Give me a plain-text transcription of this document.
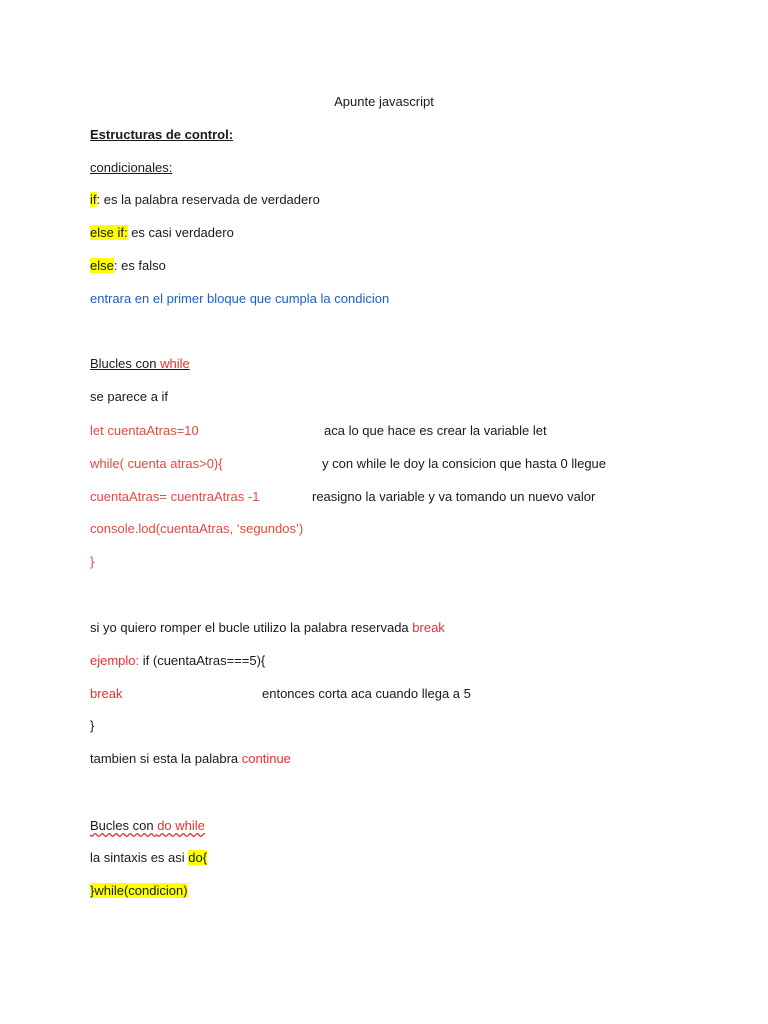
Apunte javascript
Estructuras de control:
condicionales:
if: es la palabra reservada de verdadero
else if: es casi verdadero
else: es falso
entrara en el primer bloque que cumpla la condicion
Blucles con while
se parece a if
let cuentaAtras=10	aca lo que hace es crear la variable let
while( cuenta atras>0){	y con while le doy la consicion que hasta 0 llegue
cuentaAtras= cuentraAtras -1	reasigno la variable y va tomando un nuevo valor
console.lod(cuentaAtras, ‘segundos’)
}
si yo quiero romper el bucle utilizo la palabra reservada break
ejemplo: if (cuentaAtras===5){
break	entonces corta aca cuando llega a 5
}
tambien si esta la palabra continue
Bucles con do while
la sintaxis es asi do{
}while(condicion)
